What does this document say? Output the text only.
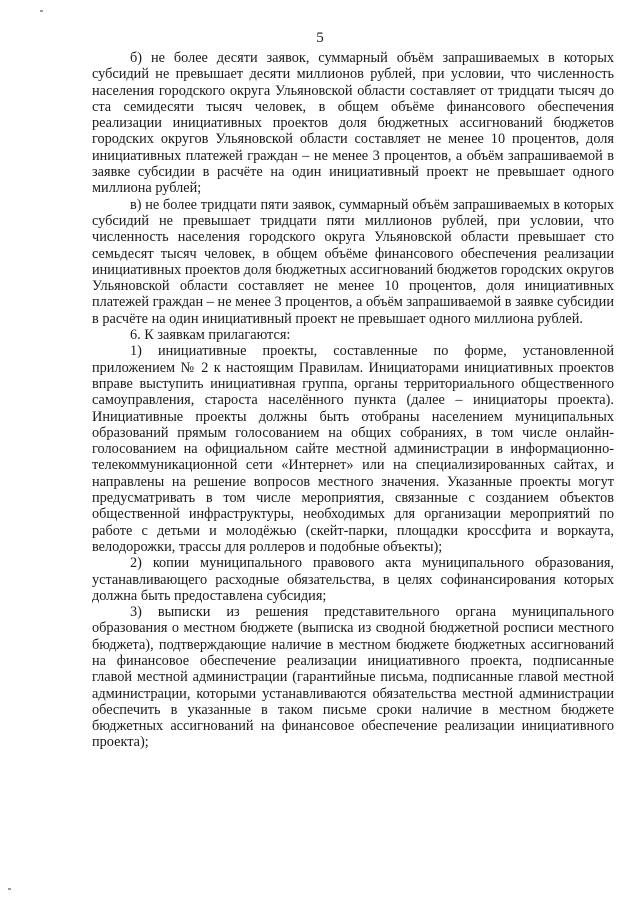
5

б) не более десяти заявок, суммарный объём запрашиваемых в которых субсидий не превышает десяти миллионов рублей, при условии, что численность населения городского округа Ульяновской области составляет от тридцати тысяч до ста семидесяти тысяч человек, в общем объёме финансового обеспечения реализации инициативных проектов доля бюджетных ассигнований бюджетов городских округов Ульяновской области составляет не менее 10 процентов, доля инициативных платежей граждан – не менее 3 процентов, а объём запрашиваемой в заявке субсидии в расчёте на один инициативный проект не превышает одного миллиона рублей;

в) не более тридцати пяти заявок, суммарный объём запрашиваемых в которых субсидий не превышает тридцати пяти миллионов рублей, при условии, что численность населения городского округа Ульяновской области превышает сто семьдесят тысяч человек, в общем объёме финансового обеспечения реализации инициативных проектов доля бюджетных ассигнований бюджетов городских округов Ульяновской области составляет не менее 10 процентов, доля инициативных платежей граждан – не менее 3 процентов, а объём запрашиваемой в заявке субсидии в расчёте на один инициативный проект не превышает одного миллиона рублей.

6. К заявкам прилагаются:

1) инициативные проекты, составленные по форме, установленной приложением № 2 к настоящим Правилам. Инициаторами инициативных проектов вправе выступить инициативная группа, органы территориального общественного самоуправления, староста населённого пункта (далее – инициаторы проекта). Инициативные проекты должны быть отобраны населением муниципальных образований прямым голосованием на общих собраниях, в том числе онлайн-голосованием на официальном сайте местной администрации в информационно-телекоммуникационной сети «Интернет» или на специализированных сайтах, и направлены на решение вопросов местного значения. Указанные проекты могут предусматривать в том числе мероприятия, связанные с созданием объектов общественной инфраструктуры, необходимых для организации мероприятий по работе с детьми и молодёжью (скейт-парки, площадки кроссфита и воркаута, велодорожки, трассы для роллеров и подобные объекты);

2) копии муниципального правового акта муниципального образования, устанавливающего расходные обязательства, в целях софинансирования которых должна быть предоставлена субсидия;

3) выписки из решения представительного органа муниципального образования о местном бюджете (выписка из сводной бюджетной росписи местного бюджета), подтверждающие наличие в местном бюджете бюджетных ассигнований на финансовое обеспечение реализации инициативного проекта, подписанные главой местной администрации (гарантийные письма, подписанные главой местной администрации, которыми устанавливаются обязательства местной администрации обеспечить в указанные в таком письме сроки наличие в местном бюджете бюджетных ассигнований на финансовое обеспечение реализации инициативного проекта);
